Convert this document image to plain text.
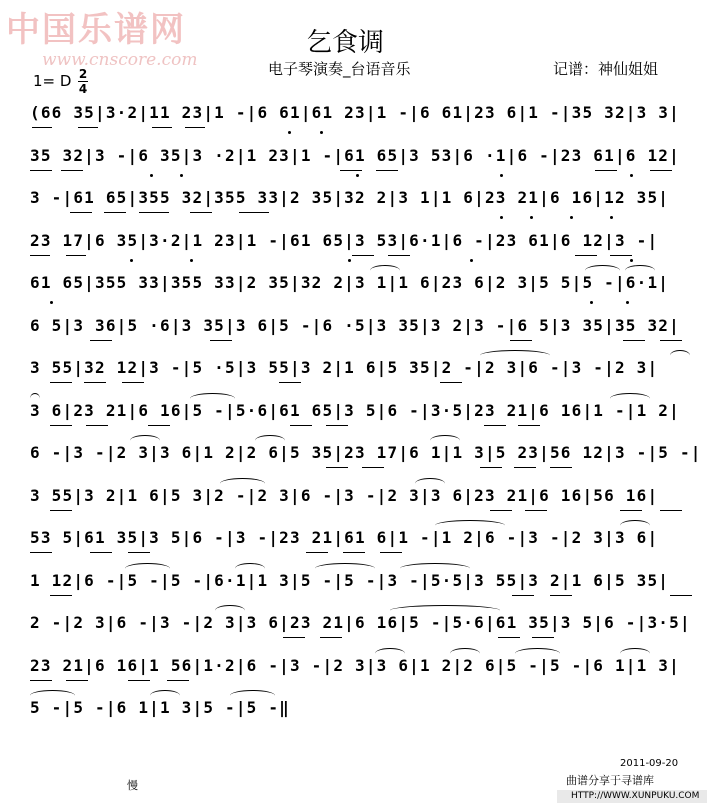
中国乐谱网
www.cnscore.com
乞食调
电子琴演奏_台语音乐	记谱：神仙姐姐
1= D 2
4
(66 35|3·2|11 23|1 -|6 61|61 23|1 -|6 61|23 6|1 -|35 32|3 3|
35 32|3 -|6 35|3 ·2|1 23|1 -|61 65|3 53|6 ·1|6 -|23 61|6 12|
3 -|61 65|355 32|355 33|2 35|32 2|3 1|1 6|23 21|6 16|12 35|
23 17|6 35|3·2|1 23|1 -|61 65|3 53|6·1|6 -|23 61|6 12|3 -|
61 65|355 33|355 33|2 35|32 2|3 1|1 6|23 6|2 3|5 5|5 -|6·1|
6 5|3 36|5 ·6|3 35|3 6|5 -|6 ·5|3 35|3 2|3 -|6 5|3 35|35 32|
3 55|32 12|3 -|5 ·5|3 55|3 2|1 6|5 35|2 -|2 3|6 -|3 -|2 3|
3 6|23 21|6 16|5 -|5·6|61 65|3 5|6 -|3·5|23 21|6 16|1 -|1 2|
6 -|3 -|2 3|3 6|1 2|2 6|5 35|23 17|6 1|1 3|5 23|56 12|3 -|5 -|
3 55|3 2|1 6|5 3|2 -|2 3|6 -|3 -|2 3|3 6|23 21|6 16|56 16|
53 5|61 35|3 5|6 -|3 -|23 21|61 6|1 -|1 2|6 -|3 -|2 3|3 6|
1 12|6 -|5 -|5 -|6·1|1 3|5 -|5 -|3 -|5·5|3 55|3 2|1 6|5 35|
2 -|2 3|6 -|3 -|2 3|3 6|23 21|6 16|5 -|5·6|61 35|3 5|6 -|3·5|
23 21|6 16|1 56|1·2|6 -|3 -|2 3|3 6|1 2|2 6|5 -|5 -|6 1|1 3|
5 -|5 -|6 1|1 3|5 -|5 -‖
慢
2011-09-20
曲谱分享于寻谱库
HTTP://WWW.XUNPUKU.COM
